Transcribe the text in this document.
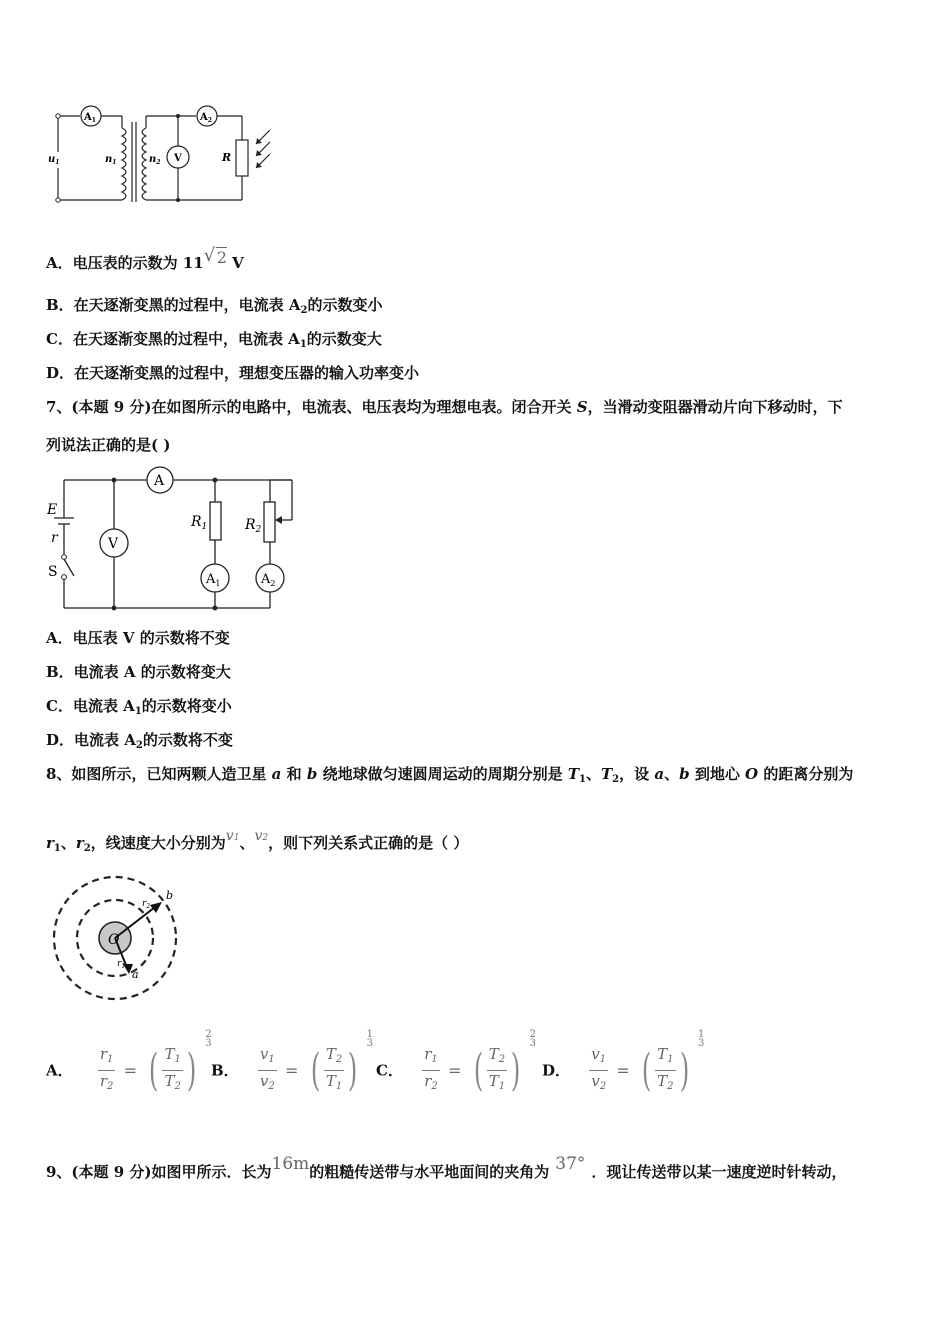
$A_1$	$A_2$
$u_1$	$n_1$	$n_2$ V	R
A．电压表的示数为 11 √ 2 V
B．在天逐渐变黑的过程中，电流表 $A_2$的示数变小
C．在天逐渐变黑的过程中，电流表 $A_1$的示数变大
D．在天逐渐变黑的过程中，理想变压器的输入功率变小
7、(本题 9 分)在如图所示的电路中，电流表、电压表均为理想电表。闭合开关 S，当滑动变阻器滑动片向下移动时，下
列说法正确的是( )
E
r
S
V
A
$R_1$	$R_2$
$A_1$	$A_2$
A．电压表 V 的示数将不变
B．电流表 A 的示数将变大
C．电流表 $A_1$的示数将变小
D．电流表 $A_2$的示数将不变
8、如图所示，已知两颗人造卫星 a 和 b 绕地球做匀速圆周运动的周期分别是 $T_1$、$T_2$，设 a、b 到地心 O 的距离分别为
$r_1$、$r_2$，线速度大小分别为v1、v2，则下列关系式正确的是（ ）
O
b
a
$r_2$
$r_1$
A． $\frac{r_1}{r_2}$ = ( $\frac{T_1}{T_2}$ )
2
3
B． $\frac{v_1}{v_2}$ = ( $\frac{T_2}{T_1}$ )
1
3
C． $\frac{r_1}{r_2}$ = ( $\frac{T_2}{T_1}$ )
2
3
D． $\frac{v_1}{v_2}$ = ( $\frac{T_1}{T_2}$ )
1
3
9、(本题 9 分)如图甲所示．长为16m的粗糙传送带与水平地面间的夹角为 37° ．现让传送带以某一速度逆时针转动，
